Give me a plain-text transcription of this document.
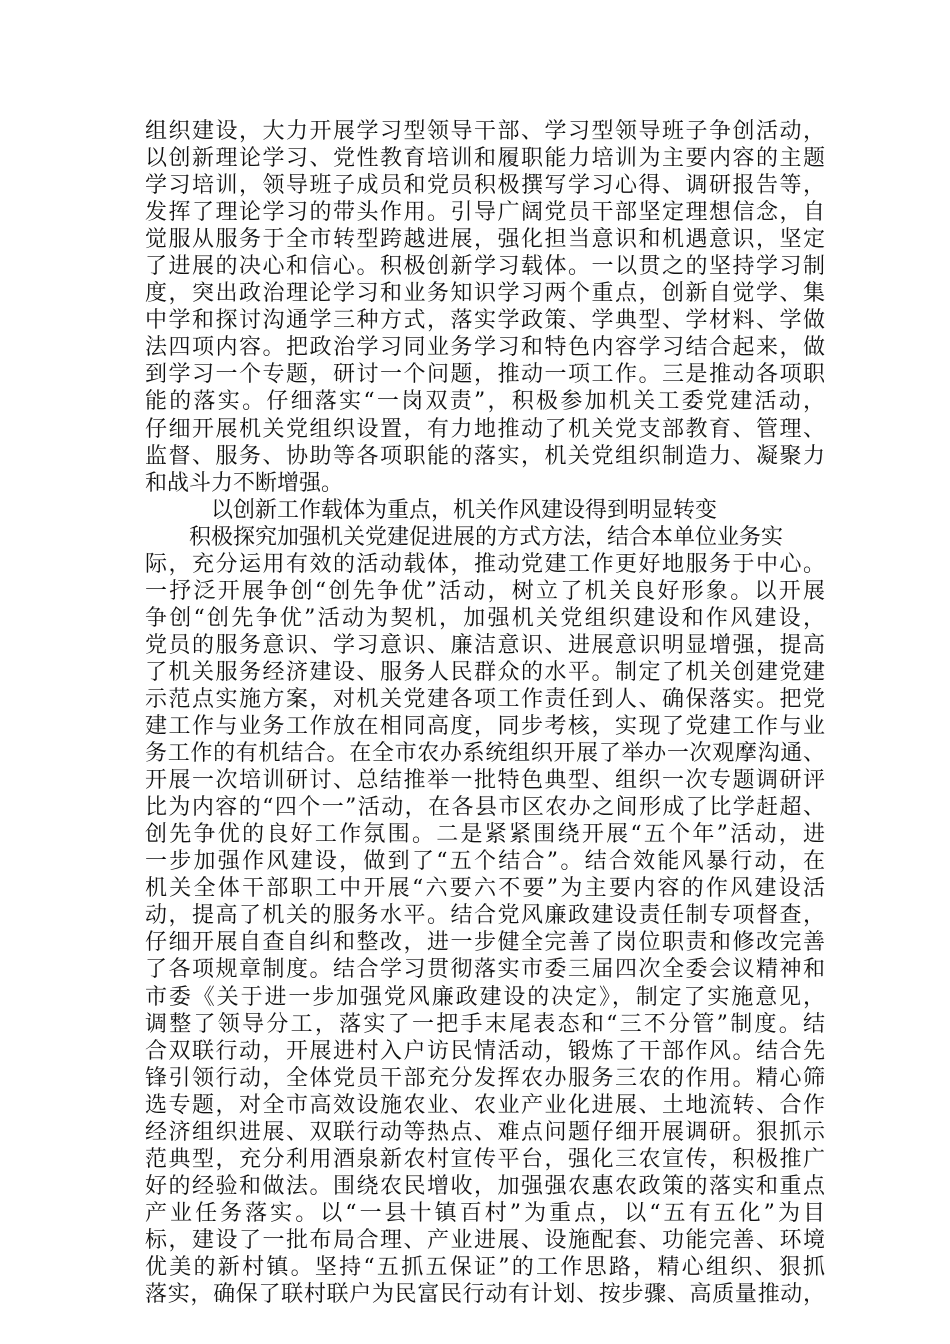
组织建设，大力开展学习型领导干部、学习型领导班子争创活动，
以创新理论学习、党性教育培训和履职能力培训为主要内容的主题
学习培训，领导班子成员和党员积极撰写学习心得、调研报告等，
发挥了理论学习的带头作用。引导广阔党员干部坚定理想信念，自
觉服从服务于全市转型跨越进展，强化担当意识和机遇意识，坚定
了进展的决心和信心。积极创新学习载体。一以贯之的坚持学习制
度，突出政治理论学习和业务知识学习两个重点，创新自觉学、集
中学和探讨沟通学三种方式，落实学政策、学典型、学材料、学做
法四项内容。把政治学习同业务学习和特色内容学习结合起来，做
到学习一个专题，研讨一个问题，推动一项工作。三是推动各项职
能的落实。仔细落实“一岗双责”，积极参加机关工委党建活动，
仔细开展机关党组织设置，有力地推动了机关党支部教育、管理、
监督、服务、协助等各项职能的落实，机关党组织制造力、凝聚力
和战斗力不断增强。
以创新工作载体为重点，机关作风建设得到明显转变
积极探究加强机关党建促进展的方式方法，结合本单位业务实
际，充分运用有效的活动载体，推动党建工作更好地服务于中心。
一抒泛开展争创“创先争优”活动，树立了机关良好形象。以开展
争创“创先争优”活动为契机，加强机关党组织建设和作风建设，
党员的服务意识、学习意识、廉洁意识、进展意识明显增强，提高
了机关服务经济建设、服务人民群众的水平。制定了机关创建党建
示范点实施方案，对机关党建各项工作责任到人、确保落实。把党
建工作与业务工作放在相同高度，同步考核，实现了党建工作与业
务工作的有机结合。在全市农办系统组织开展了举办一次观摩沟通、
开展一次培训研讨、总结推举一批特色典型、组织一次专题调研评
比为内容的“四个一”活动，在各县市区农办之间形成了比学赶超、
创先争优的良好工作氛围。二是紧紧围绕开展“五个年”活动，进
一步加强作风建设，做到了“五个结合”。结合效能风暴行动，在
机关全体干部职工中开展“六要六不要”为主要内容的作风建设活
动，提高了机关的服务水平。结合党风廉政建设责任制专项督查，
仔细开展自查自纠和整改，进一步健全完善了岗位职责和修改完善
了各项规章制度。结合学习贯彻落实市委三届四次全委会议精神和
市委《关于进一步加强党风廉政建设的决定》，制定了实施意见，
调整了领导分工，落实了一把手末尾表态和“三不分管”制度。结
合双联行动，开展进村入户访民情活动，锻炼了干部作风。结合先
锋引领行动，全体党员干部充分发挥农办服务三农的作用。精心筛
选专题，对全市高效设施农业、农业产业化进展、土地流转、合作
经济组织进展、双联行动等热点、难点问题仔细开展调研。狠抓示
范典型，充分利用酒泉新农村宣传平台，强化三农宣传，积极推广
好的经验和做法。围绕农民增收，加强强农惠农政策的落实和重点
产业任务落实。以“一县十镇百村”为重点，以“五有五化”为目
标，建设了一批布局合理、产业进展、设施配套、功能完善、环境
优美的新村镇。坚持“五抓五保证”的工作思路，精心组织、狠抓
落实，确保了联村联户为民富民行动有计划、按步骤、高质量推动，
